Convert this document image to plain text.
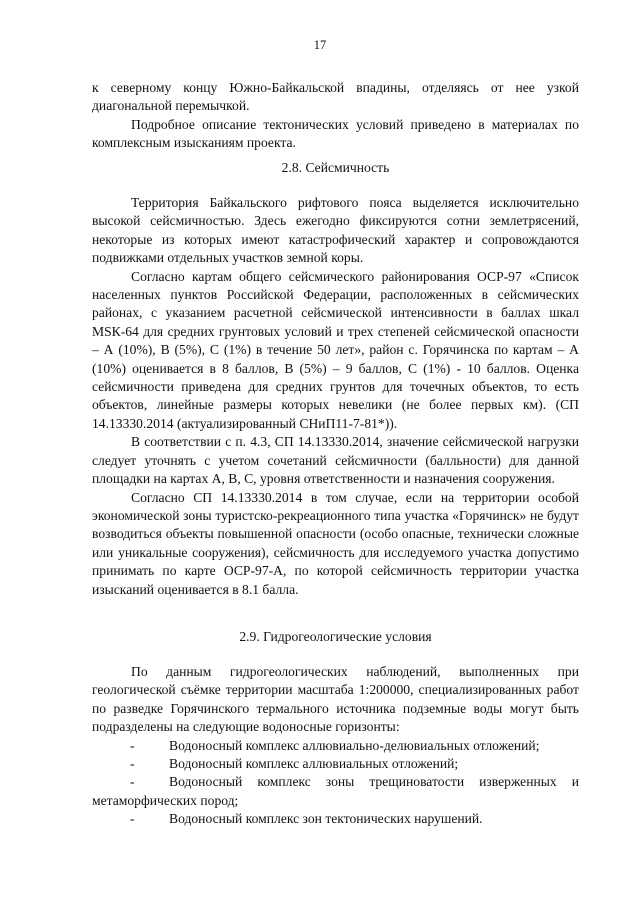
17

к северному концу Южно-Байкальской впадины, отделяясь от нее узкой диагональной перемычкой.

Подробное описание тектонических условий приведено в материалах по комплексным изысканиям проекта.

2.8. Сейсмичность

Территория Байкальского рифтового пояса выделяется исключительно высокой сейсмичностью. Здесь ежегодно фиксируются сотни землетрясений, некоторые из которых имеют катастрофический характер и сопровождаются подвижками отдельных участков земной коры.

Согласно картам общего сейсмического районирования ОСР-97 «Список населенных пунктов Российской Федерации, расположенных в сейсмических районах, с указанием расчетной сейсмической интенсивности в баллах шкал МSК-64 для средних грунтовых условий и трех степеней сейсмической опасности – А (10%), В (5%), С (1%) в течение 50 лет», район с. Горячинска по картам – А (10%) оценивается в 8 баллов, В (5%) – 9 баллов, С (1%) - 10 баллов. Оценка сейсмичности приведена для средних грунтов для точечных объектов, то есть объектов, линейные размеры которых невелики (не более первых км). (СП 14.13330.2014 (актуализированный СНиП11-7-81*)).

В соответствии с п. 4.3, СП 14.13330.2014, значение сейсмической нагрузки следует уточнять с учетом сочетаний сейсмичности (балльности) для данной площадки на картах А, В, С, уровня ответственности и назначения сооружения.

Согласно СП 14.13330.2014 в том случае, если на территории особой экономической зоны туристско-рекреационного типа участка «Горячинск» не будут возводиться объекты повышенной опасности (особо опасные, технически сложные или уникальные сооружения), сейсмичность для исследуемого участка допустимо принимать по карте ОСР-97-А, по которой сейсмичность территории участка изысканий оценивается в 8.1 балла.

2.9. Гидрогеологические условия

По данным гидрогеологических наблюдений, выполненных при геологической съёмке территории масштаба 1:200000, специализированных работ по разведке Горячинского термального источника подземные воды могут быть подразделены на следующие водоносные горизонты:

-	Водоносный комплекс аллювиально-делювиальных отложений;
-	Водоносный комплекс аллювиальных отложений;
-	Водоносный комплекс зоны трещиноватости изверженных и метаморфических пород;
-	Водоносный комплекс зон тектонических нарушений.
